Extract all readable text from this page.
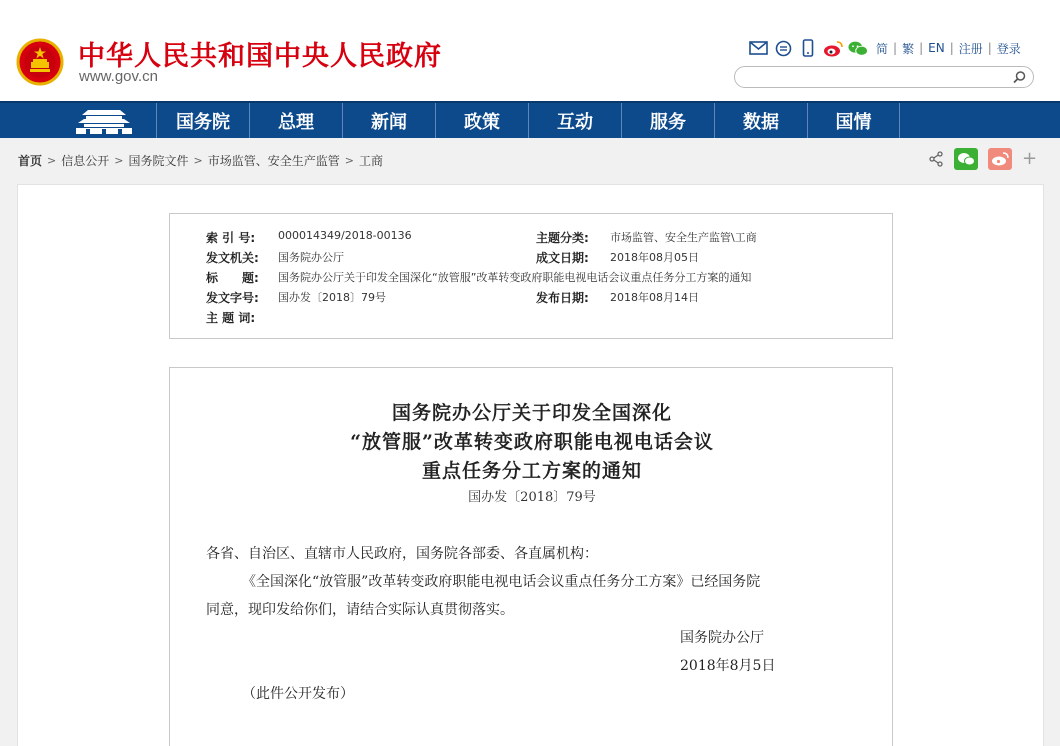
中华人民共和国中央人民政府
www.gov.cn
简 | 繁 | EN | 注册 | 登录
国务院	总理	新闻	政策	互动	服务	数据	国情
首页 > 信息公开 > 国务院文件 > 市场监管、安全生产监管 > 工商	+
索 引 号: 000014349/2018-00136	主题分类: 市场监管、安全生产监管\工商
发文机关: 国务院办公厅	成文日期: 2018年08月05日
标　　题: 国务院办公厅关于印发全国深化“放管服”改革转变政府职能电视电话会议重点任务分工方案的通知
发文字号: 国办发〔2018〕79号	发布日期: 2018年08月14日
主 题 词:
国务院办公厅关于印发全国深化
“放管服”改革转变政府职能电视电话会议
重点任务分工方案的通知
国办发〔2018〕79号
各省、自治区、直辖市人民政府，国务院各部委、各直属机构：
《全国深化“放管服”改革转变政府职能电视电话会议重点任务分工方案》已经国务院
同意，现印发给你们，请结合实际认真贯彻落实。
国务院办公厅
2018年8月5日
（此件公开发布）
